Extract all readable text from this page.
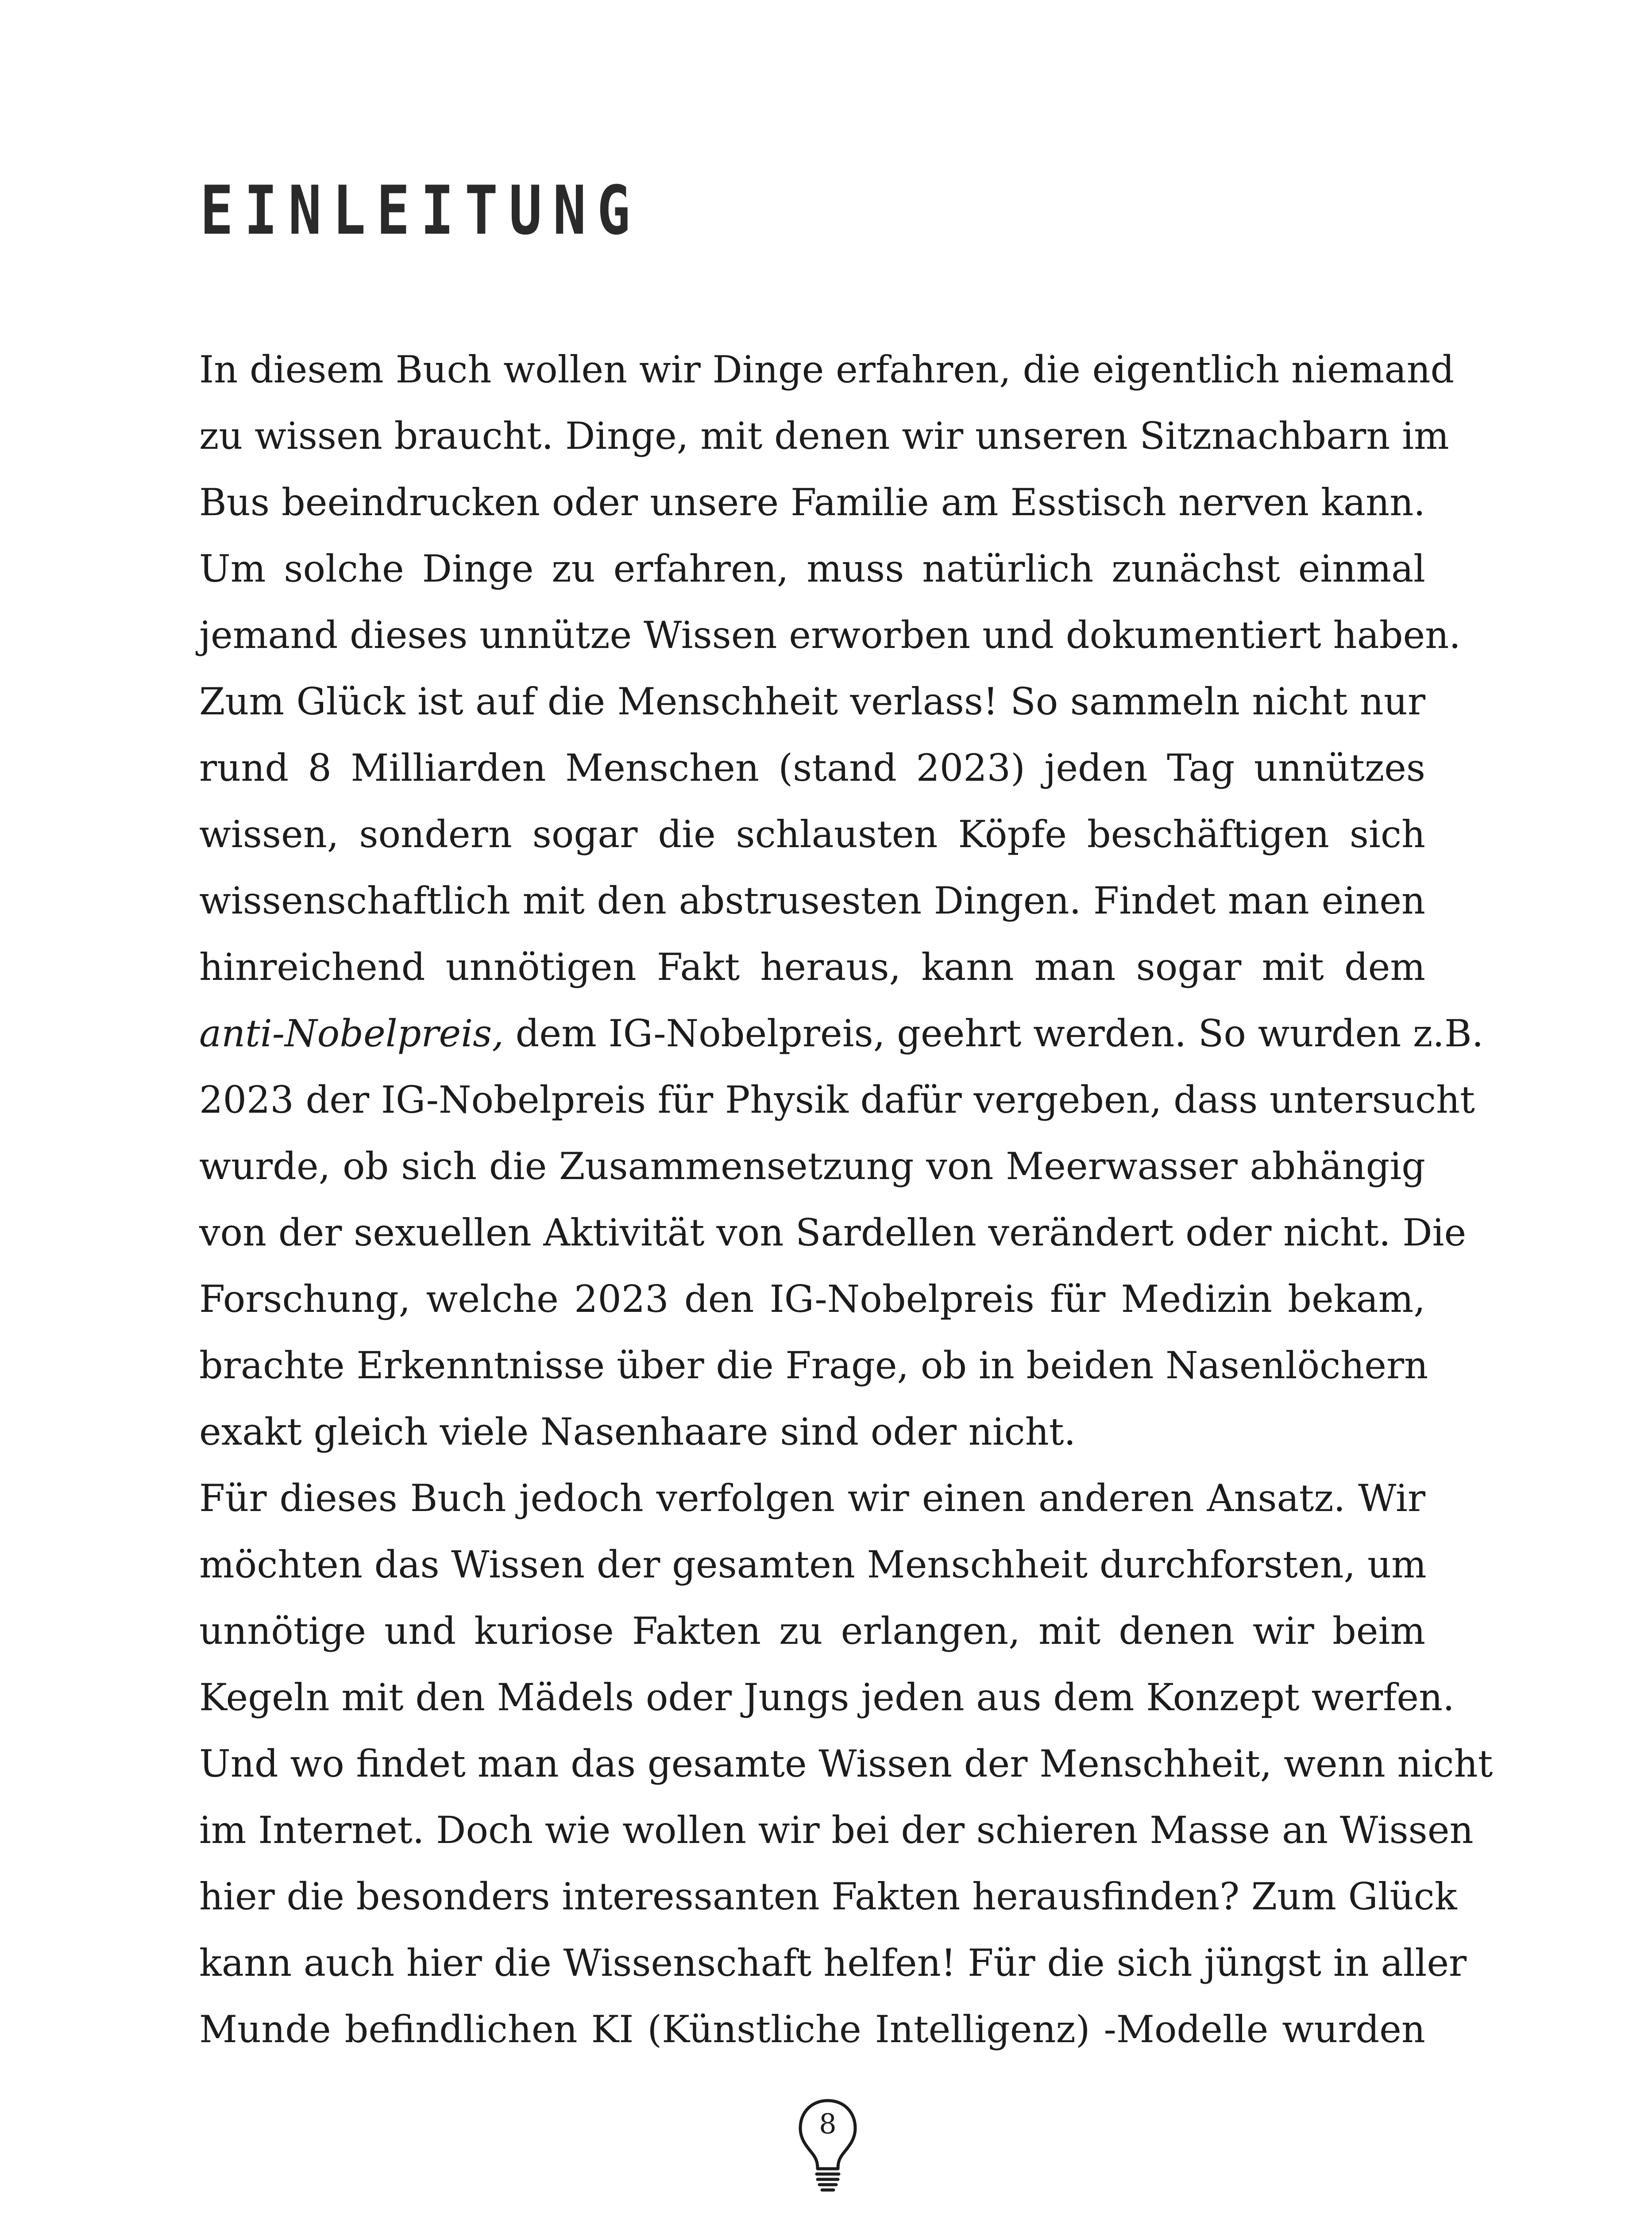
EINLEITUNG
In diesem Buch wollen wir Dinge erfahren, die eigentlich niemand
zu wissen braucht. Dinge, mit denen wir unseren Sitznachbarn im
Bus beeindrucken oder unsere Familie am Esstisch nerven kann.
Um solche Dinge zu erfahren, muss natürlich zunächst einmal
jemand dieses unnütze Wissen erworben und dokumentiert haben.
Zum Glück ist auf die Menschheit verlass! So sammeln nicht nur
rund 8 Milliarden Menschen (stand 2023) jeden Tag unnützes
wissen, sondern sogar die schlausten Köpfe beschäftigen sich
wissenschaftlich mit den abstrusesten Dingen. Findet man einen
hinreichend unnötigen Fakt heraus, kann man sogar mit dem
anti-Nobelpreis, dem IG-Nobelpreis, geehrt werden. So wurden z.B.
2023 der IG-Nobelpreis für Physik dafür vergeben, dass untersucht
wurde, ob sich die Zusammensetzung von Meerwasser abhängig
von der sexuellen Aktivität von Sardellen verändert oder nicht. Die
Forschung, welche 2023 den IG-Nobelpreis für Medizin bekam,
brachte Erkenntnisse über die Frage, ob in beiden Nasenlöchern
exakt gleich viele Nasenhaare sind oder nicht.
Für dieses Buch jedoch verfolgen wir einen anderen Ansatz. Wir
möchten das Wissen der gesamten Menschheit durchforsten, um
unnötige und kuriose Fakten zu erlangen, mit denen wir beim
Kegeln mit den Mädels oder Jungs jeden aus dem Konzept werfen.
Und wo findet man das gesamte Wissen der Menschheit, wenn nicht
im Internet. Doch wie wollen wir bei der schieren Masse an Wissen
hier die besonders interessanten Fakten herausfinden? Zum Glück
kann auch hier die Wissenschaft helfen! Für die sich jüngst in aller
Munde befindlichen KI (Künstliche Intelligenz) -Modelle wurden
8
